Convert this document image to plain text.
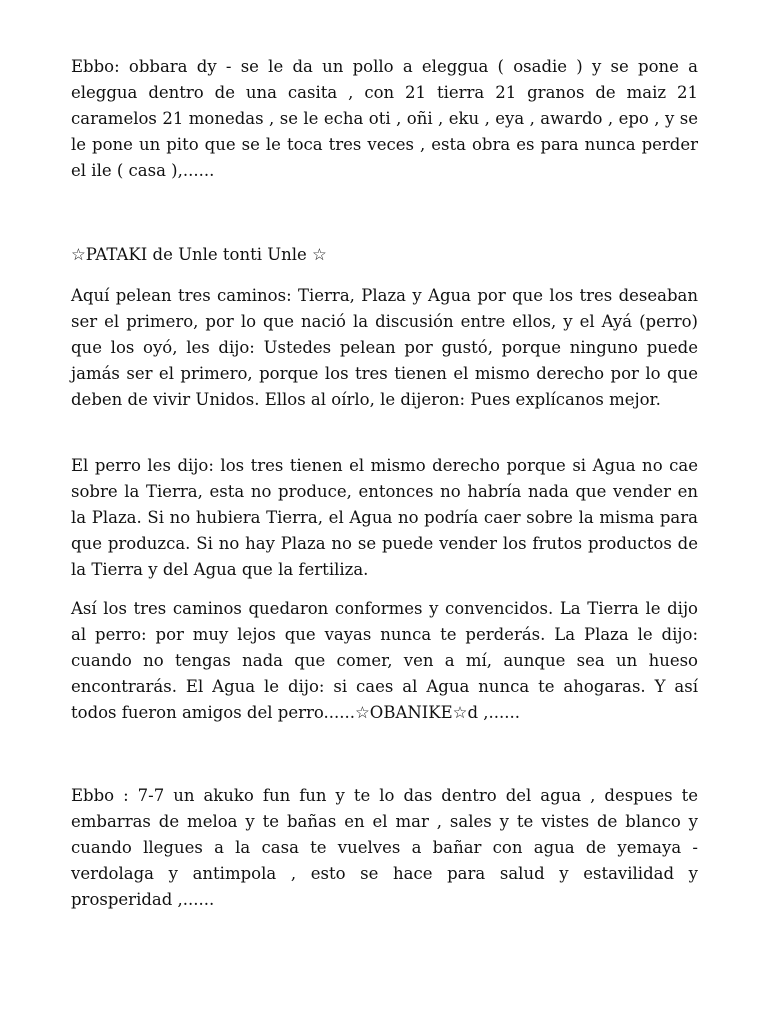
Ebbo: obbara dy - se le da un pollo a eleggua ( osadie ) y se pone a eleggua dentro de una casita , con 21 tierra 21 granos de maiz 21 caramelos 21 monedas , se le echa oti , oñi , eku , eya , awardo , epo , y se le pone un pito que se le toca tres veces , esta obra es para nunca perder el ile ( casa ),......

☆PATAKI de Unle tonti Unle ☆

Aquí pelean tres caminos: Tierra, Plaza y Agua por que los tres deseaban ser el primero, por lo que nació la discusión entre ellos, y el Ayá (perro) que los oyó, les dijo: Ustedes pelean por gustó, porque ninguno puede jamás ser el primero, porque los tres tienen el mismo derecho por lo que deben de vivir Unidos. Ellos al oírlo, le dijeron: Pues explícanos mejor.

El perro les dijo: los tres tienen el mismo derecho porque si Agua no cae sobre la Tierra, esta no produce, entonces no habría nada que vender en la Plaza. Si no hubiera Tierra, el Agua no podría caer sobre la misma para que produzca. Si no hay Plaza no se puede vender los frutos productos de la Tierra y del Agua que la fertiliza.

Así los tres caminos quedaron conformes y convencidos. La Tierra le dijo al perro: por muy lejos que vayas nunca te perderás. La Plaza le dijo: cuando no tengas nada que comer, ven a mí, aunque sea un hueso encontrarás. El Agua le dijo: si caes al Agua nunca te ahogaras. Y así todos fueron amigos del perro......☆OBANIKE☆d ,......

Ebbo : 7-7 un akuko fun fun y te lo das dentro del agua , despues te embarras de meloa y te bañas en el mar , sales y te vistes de blanco y cuando llegues a la casa te vuelves a bañar con agua de yemaya - verdolaga y antimpola , esto se hace para salud y estavilidad y prosperidad ,......
